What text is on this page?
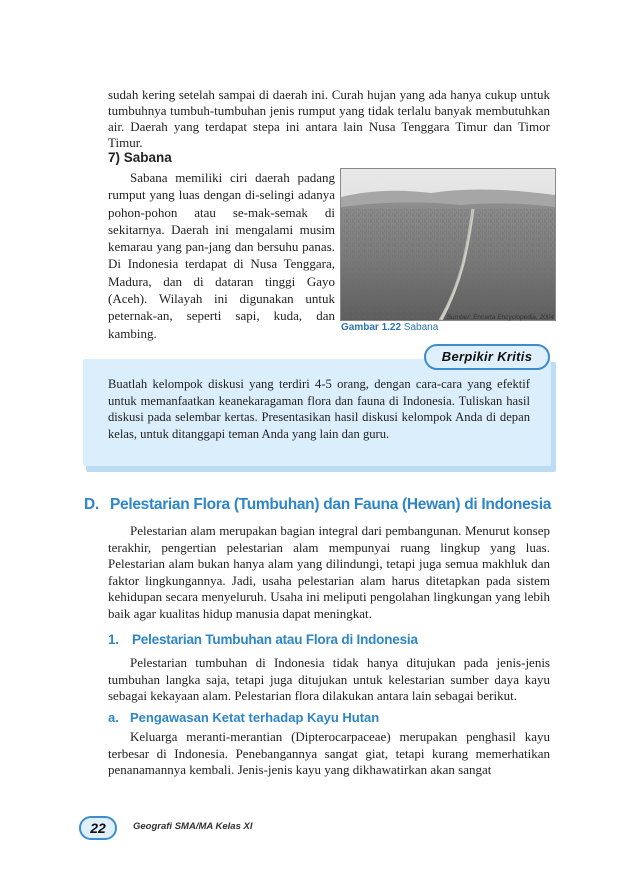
sudah kering setelah sampai di daerah ini. Curah hujan yang ada hanya cukup untuk tumbuhnya tumbuh-tumbuhan jenis rumput yang tidak terlalu banyak membutuhkan air. Daerah yang terdapat stepa ini antara lain Nusa Tenggara Timur dan Timor Timur.

7) Sabana

Sabana memiliki ciri daerah padang rumput yang luas dengan di-selingi adanya pohon-pohon atau se-mak-semak di sekitarnya. Daerah ini mengalami musim kemarau yang pan-jang dan bersuhu panas. Di Indonesia terdapat di Nusa Tenggara, Madura, dan di dataran tinggi Gayo (Aceh). Wilayah ini digunakan untuk peternak-an, seperti sapi, kuda, dan kambing.

Sumber: Encarta Encyclopedia, 2004
Gambar 1.22 Sabana
Berpikir Kritis

Buatlah kelompok diskusi yang terdiri 4-5 orang, dengan cara-cara yang efektif untuk memanfaatkan keanekaragaman flora dan fauna di Indonesia. Tuliskan hasil diskusi pada selembar kertas. Presentasikan hasil diskusi kelompok Anda di depan kelas, untuk ditanggapi teman Anda yang lain dan guru.

D. Pelestarian Flora (Tumbuhan) dan Fauna (Hewan) di Indonesia

Pelestarian alam merupakan bagian integral dari pembangunan. Menurut konsep terakhir, pengertian pelestarian alam mempunyai ruang lingkup yang luas. Pelestarian alam bukan hanya alam yang dilindungi, tetapi juga semua makhluk dan faktor lingkungannya. Jadi, usaha pelestarian alam harus ditetapkan pada sistem kehidupan secara menyeluruh. Usaha ini meliputi pengolahan lingkungan yang lebih baik agar kualitas hidup manusia dapat meningkat.

1. Pelestarian Tumbuhan atau Flora di Indonesia

Pelestarian tumbuhan di Indonesia tidak hanya ditujukan pada jenis-jenis tumbuhan langka saja, tetapi juga ditujukan untuk kelestarian sumber daya kayu sebagai kekayaan alam. Pelestarian flora dilakukan antara lain sebagai berikut.

a. Pengawasan Ketat terhadap Kayu Hutan

Keluarga meranti-merantian (Dipterocarpaceae) merupakan penghasil kayu terbesar di Indonesia. Penebangannya sangat giat, tetapi kurang memerhatikan penanamannya kembali. Jenis-jenis kayu yang dikhawatirkan akan sangat

22	Geografi SMA/MA Kelas XI
